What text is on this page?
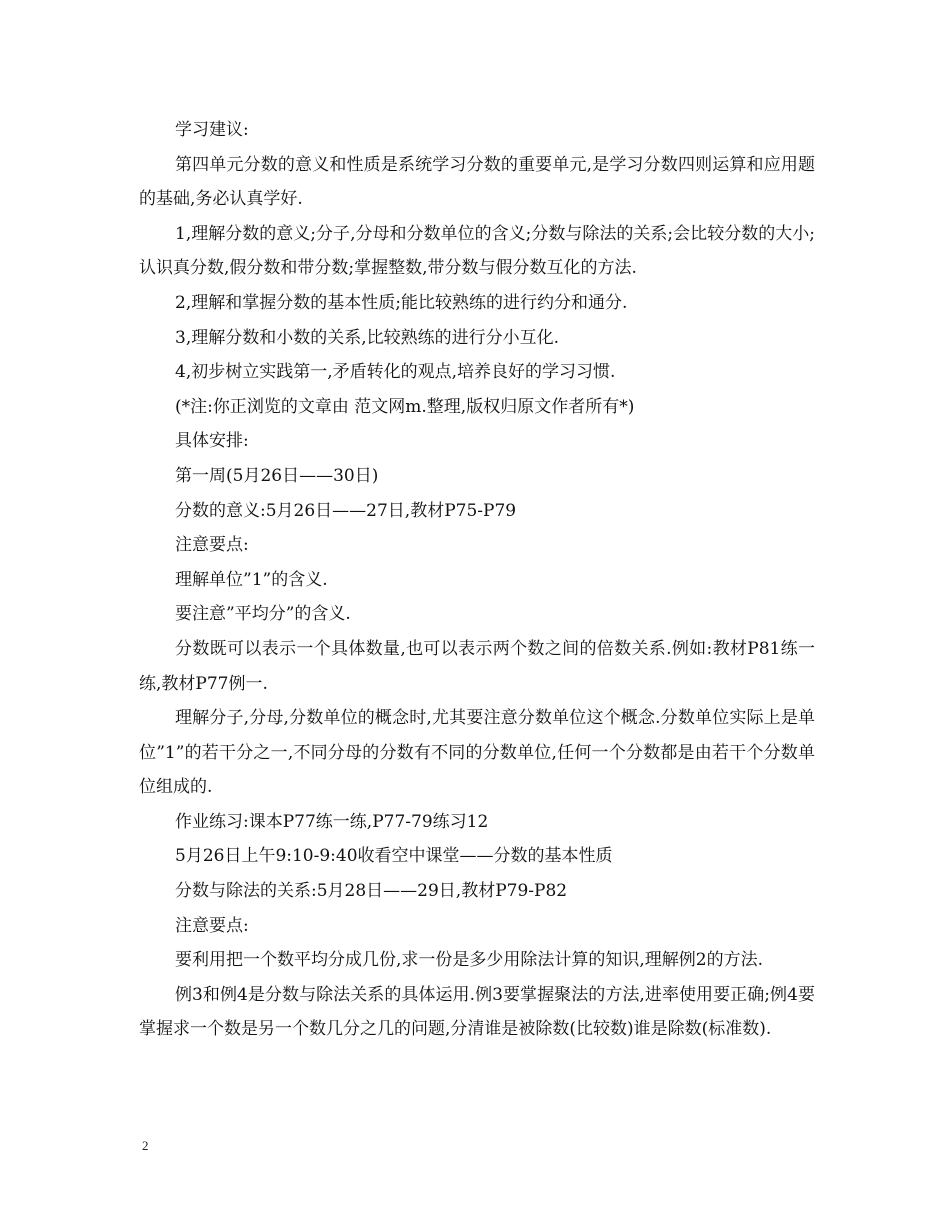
学习建议:

第四单元分数的意义和性质是系统学习分数的重要单元,是学习分数四则运算和应用题的基础,务必认真学好.

1,理解分数的意义;分子,分母和分数单位的含义;分数与除法的关系;会比较分数的大小;认识真分数,假分数和带分数;掌握整数,带分数与假分数互化的方法.

2,理解和掌握分数的基本性质;能比较熟练的进行约分和通分.

3,理解分数和小数的关系,比较熟练的进行分小互化.

4,初步树立实践第一,矛盾转化的观点,培养良好的学习习惯.

(*注:你正浏览的文章由 范文网m.整理,版权归原文作者所有*)

具体安排:

第一周(5月26日——30日)

分数的意义:5月26日——27日,教材P75-P79

注意要点:

理解单位”1”的含义.

要注意”平均分”的含义.

分数既可以表示一个具体数量,也可以表示两个数之间的倍数关系.例如:教材P81练一练,教材P77例一.

理解分子,分母,分数单位的概念时,尤其要注意分数单位这个概念.分数单位实际上是单位”1”的若干分之一,不同分母的分数有不同的分数单位,任何一个分数都是由若干个分数单位组成的.

作业练习:课本P77练一练,P77-79练习12

5月26日上午9:10-9:40收看空中课堂——分数的基本性质

分数与除法的关系:5月28日——29日,教材P79-P82

注意要点:

要利用把一个数平均分成几份,求一份是多少用除法计算的知识,理解例2的方法.

例3和例4是分数与除法关系的具体运用.例3要掌握聚法的方法,进率使用要正确;例4要掌握求一个数是另一个数几分之几的问题,分清谁是被除数(比较数)谁是除数(标准数).

2
